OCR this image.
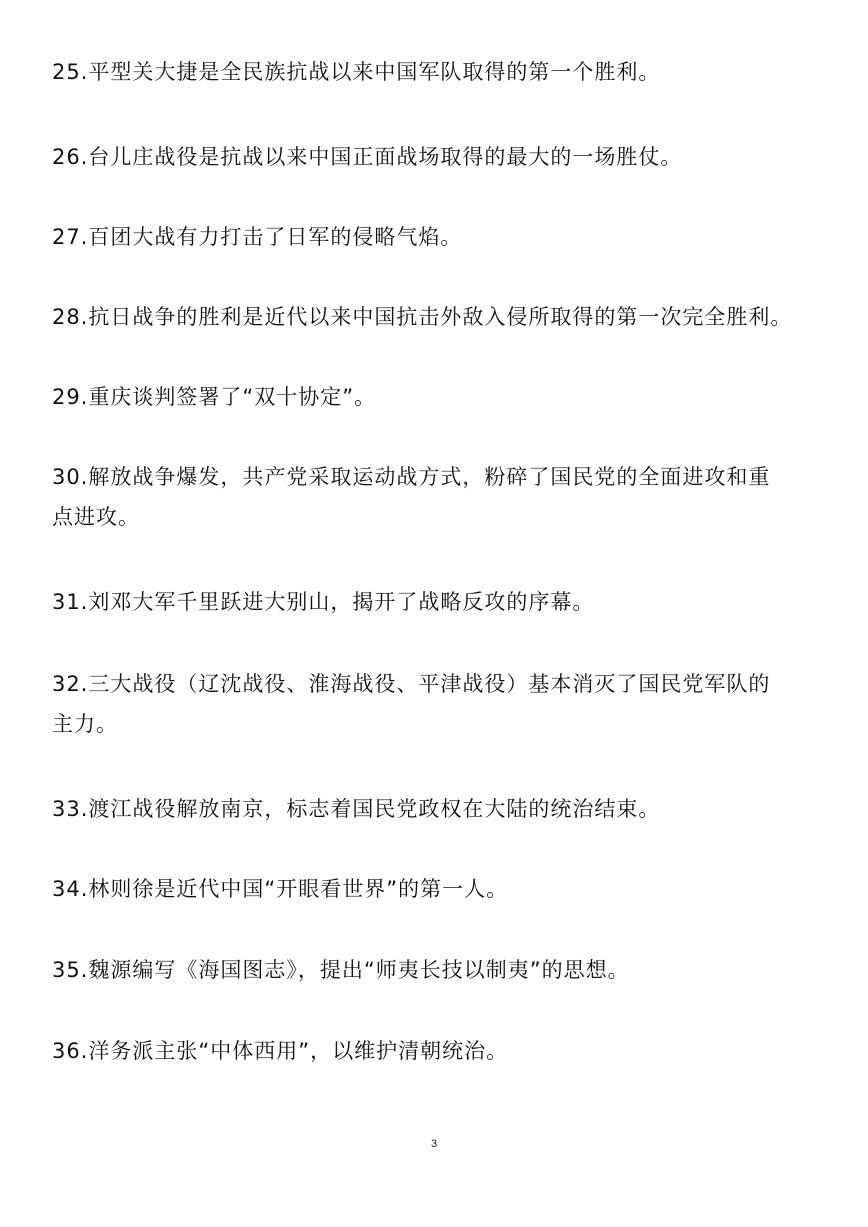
25.平型关大捷是全民族抗战以来中国军队取得的第一个胜利。

26.台儿庄战役是抗战以来中国正面战场取得的最大的一场胜仗。

27.百团大战有力打击了日军的侵略气焰。

28.抗日战争的胜利是近代以来中国抗击外敌入侵所取得的第一次完全胜利。

29.重庆谈判签署了“双十协定”。

30.解放战争爆发，共产党采取运动战方式，粉碎了国民党的全面进攻和重
点进攻。

31.刘邓大军千里跃进大别山，揭开了战略反攻的序幕。

32.三大战役（辽沈战役、淮海战役、平津战役）基本消灭了国民党军队的
主力。

33.渡江战役解放南京，标志着国民党政权在大陆的统治结束。

34.林则徐是近代中国“开眼看世界”的第一人。

35.魏源编写《海国图志》，提出“师夷长技以制夷”的思想。

36.洋务派主张“中体西用”，以维护清朝统治。

3
